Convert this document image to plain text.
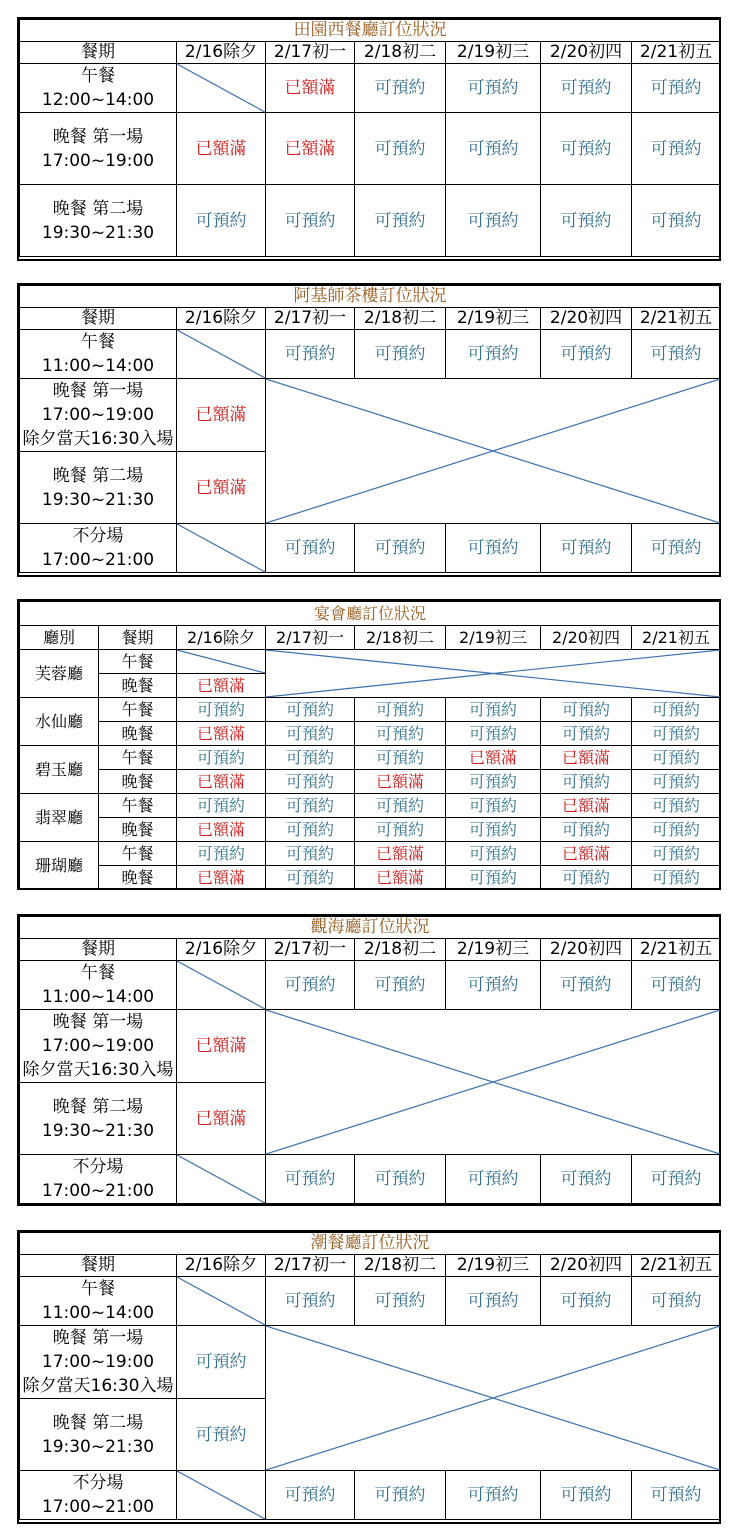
田園西餐廳訂位狀況						
餐期	2/16除夕	2/17初一	2/18初二	2/19初三	2/20初四	2/21初五

午餐
12:00~14:00		已額滿	可預約	可預約	可預約	可預約

晚餐 第一場
17:00~19:00	已額滿	已額滿	可預約	可預約	可預約	可預約

晚餐 第二場
19:30~21:30	可預約	可預約	可預約	可預約	可預約	可預約
阿基師茶樓訂位狀況						
餐期	2/16除夕	2/17初一	2/18初二	2/19初三	2/20初四	2/21初五

午餐
11:00~14:00		可預約	可預約	可預約	可預約	可預約

晚餐 第一場
17:00~19:00
除夕當天16:30入場	已額滿	

晚餐 第二場
19:30~21:30	已額滿					

不分場
17:00~21:00		可預約	可預約	可預約	可預約	可預約
觀海廳訂位狀況						
餐期	2/16除夕	2/17初一	2/18初二	2/19初三	2/20初四	2/21初五

午餐
11:00~14:00		可預約	可預約	可預約	可預約	可預約

晚餐 第一場
17:00~19:00
除夕當天16:30入場	已額滿	

晚餐 第二場
19:30~21:30	已額滿					

不分場
17:00~21:00		可預約	可預約	可預約	可預約	可預約
潮餐廳訂位狀況						
餐期	2/16除夕	2/17初一	2/18初二	2/19初三	2/20初四	2/21初五

午餐
11:00~14:00		可預約	可預約	可預約	可預約	可預約

晚餐 第一場
17:00~19:00
除夕當天16:30入場	可預約	

晚餐 第二場
19:30~21:30	可預約					

不分場
17:00~21:00		可預約	可預約	可預約	可預約	可預約
宴會廳訂位狀況							
廳別	餐期	2/16除夕	2/17初一	2/18初二	2/19初三	2/20初四	2/21初五
芙蓉廳	午餐	

	晚餐	已額滿					
水仙廳	午餐	可預約	可預約	可預約	可預約	可預約	可預約
	晚餐	已額滿	可預約	可預約	可預約	可預約	可預約
碧玉廳	午餐	可預約	可預約	可預約	已額滿	已額滿	可預約
	晚餐	已額滿	可預約	已額滿	可預約	可預約	可預約
翡翠廳	午餐	可預約	可預約	可預約	可預約	已額滿	可預約
	晚餐	已額滿	可預約	可預約	可預約	可預約	可預約
珊瑚廳	午餐	可預約	可預約	已額滿	可預約	已額滿	可預約
	晚餐	已額滿	可預約	已額滿	可預約	可預約	可預約
